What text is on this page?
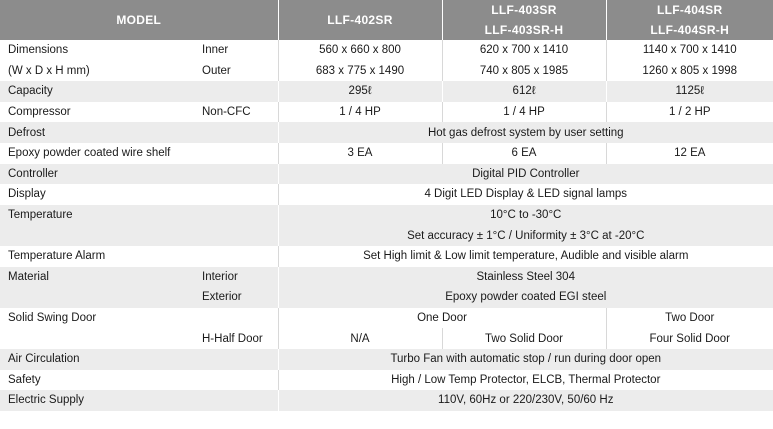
MODEL		LLF-402SR	LLF-403SR	LLF-404SR
			LLF-403SR-H	LLF-404SR-H
Dimensions	Inner	560 x 660 x 800	620 x 700 x 1410	1140 x 700 x 1410
(W x D x H mm)	Outer	683 x 775 x 1490	740 x 805 x 1985	1260 x 805 x 1998
Capacity		295ℓ	612ℓ	1125ℓ
Compressor	Non-CFC	1 / 4 HP	1 / 4 HP	1 / 2 HP
Defrost		Hot gas defrost system by user setting		
Epoxy powder coated wire shelf		3 EA	6 EA	12 EA
Controller		Digital PID Controller		
Display		4 Digit LED Display & LED signal lamps		
Temperature		10°C to -30°C		
		Set accuracy ± 1°C / Uniformity ± 3°C at -20°C		
Temperature Alarm		Set High limit & Low limit temperature, Audible and visible alarm		
Material	Interior	Stainless Steel 304		
	Exterior	Epoxy powder coated EGI steel		
Solid Swing Door		One Door		Two Door
	H-Half Door	N/A	Two Solid Door	Four Solid Door
Air Circulation		Turbo Fan with automatic stop / run during door open		
Safety		High / Low Temp Protector, ELCB, Thermal Protector		
Electric Supply		110V, 60Hz or 220/230V, 50/60 Hz		
